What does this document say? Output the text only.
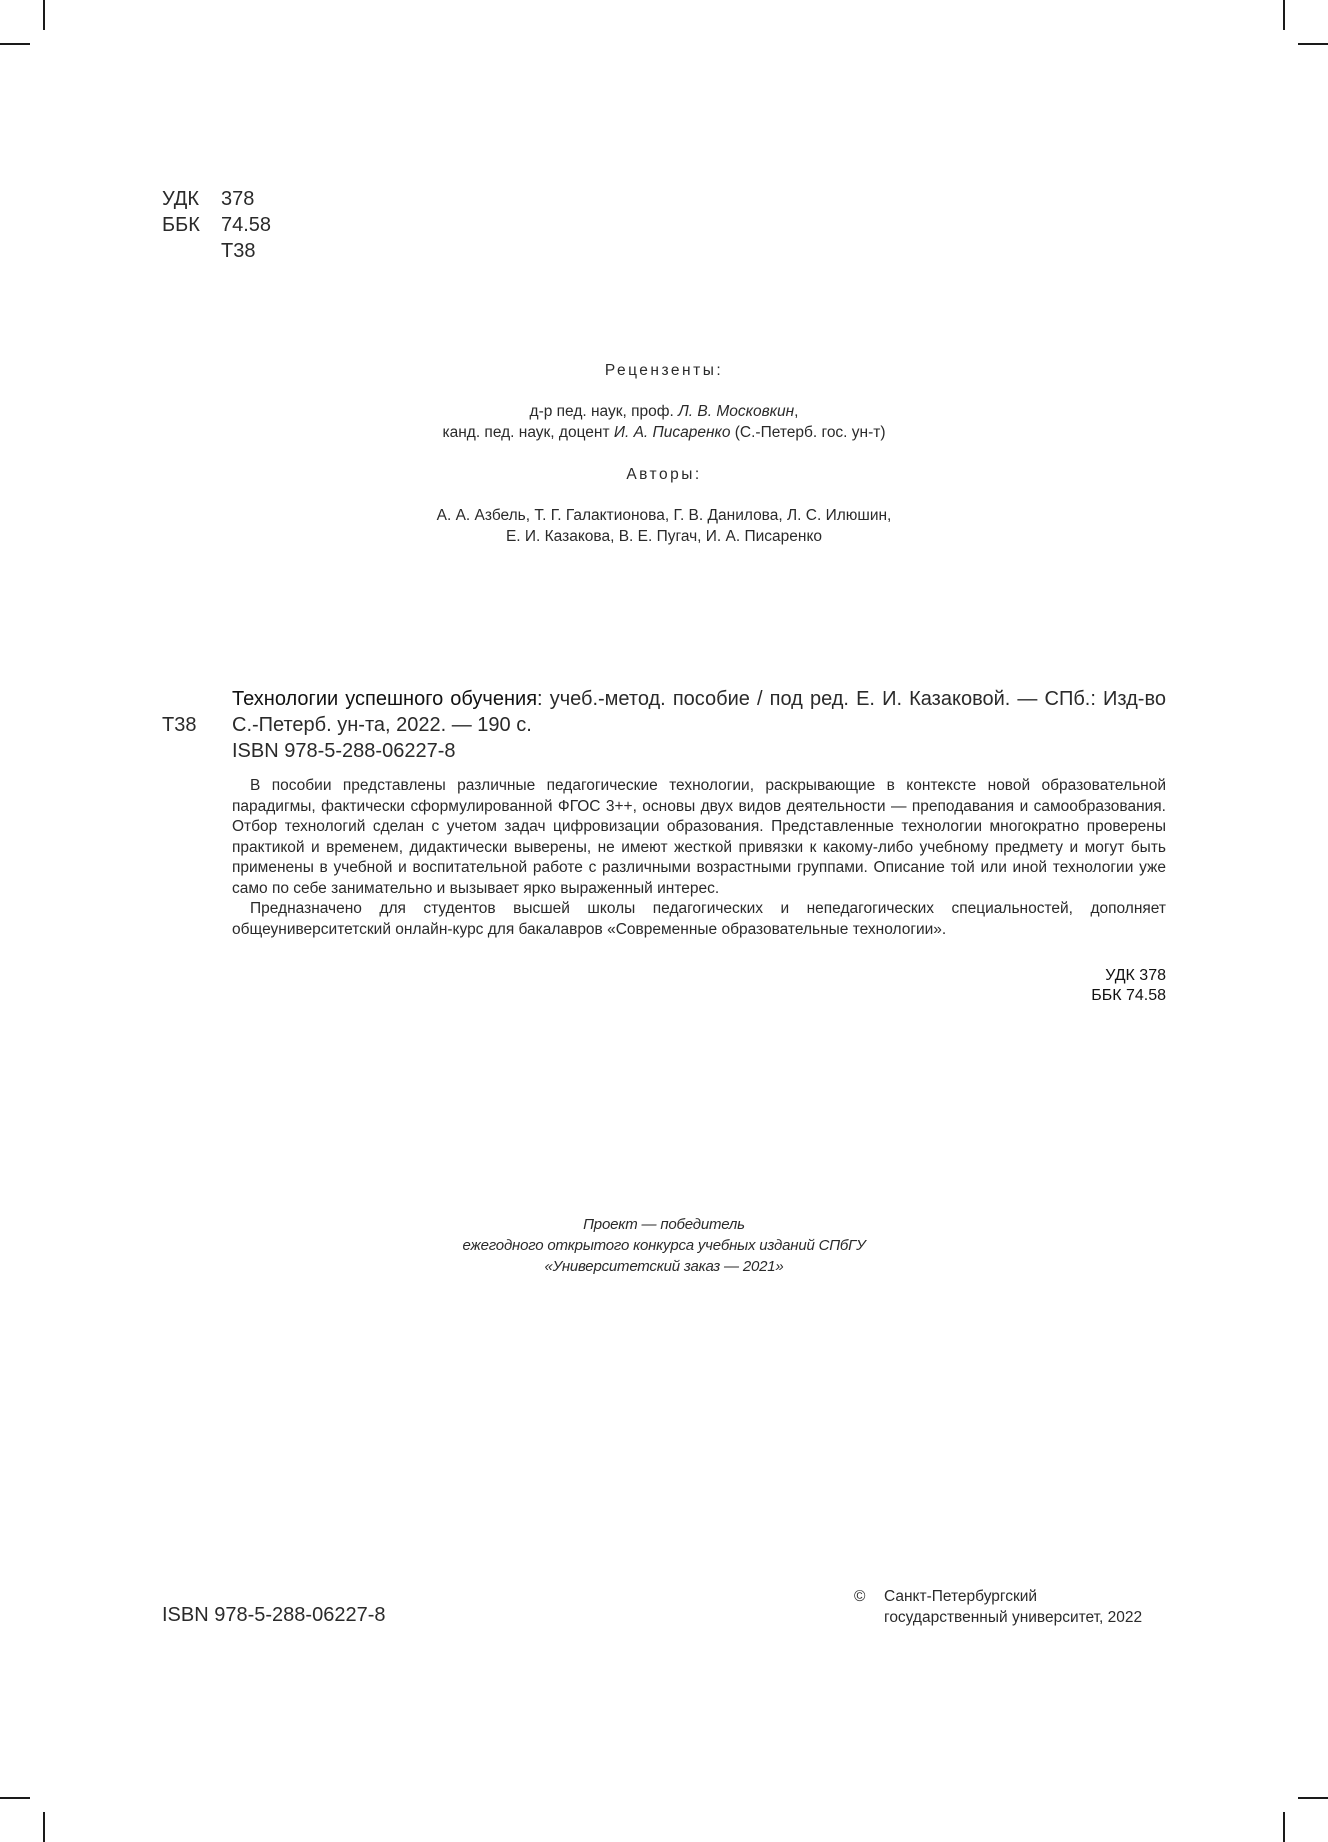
УДК	378
ББК	74.58
Т38
Рецензенты:
д-р пед. наук, проф. Л. В. Московкин,
канд. пед. наук, доцент И. А. Писаренко (С.-Петерб. гос. ун-т)
Авторы:
А. А. Азбель, Т. Г. Галактионова, Г. В. Данилова, Л. С. Илюшин,
Е. И. Казакова, В. Е. Пугач, И. А. Писаренко
Т38
Технологии успешного обучения: учеб.-метод. пособие / под ред. Е. И. Казаковой. — СПб.: Изд-во С.-Петерб. ун-та, 2022. — 190 с.
ISBN 978-5-288-06227-8

В пособии представлены различные педагогические технологии, раскрывающие в контексте новой образовательной парадигмы, фактически сформулированной ФГОС 3++, основы двух видов деятельности — преподавания и самообразования. Отбор технологий сделан с учетом задач цифровизации образования. Представленные технологии многократно проверены практикой и временем, дидактически выверены, не имеют жесткой привязки к какому-либо учебному предмету и могут быть применены в учебной и воспитательной работе с различными возрастными группами. Описание той или иной технологии уже само по себе занимательно и вызывает ярко выраженный интерес.

Предназначено для студентов высшей школы педагогических и непедагогических специальностей, дополняет общеуниверситетский онлайн-курс для бакалавров «Современные образовательные технологии».

УДК 378
ББК 74.58
Проект — победитель
ежегодного открытого конкурса учебных изданий СПбГУ
«Университетский заказ — 2021»
ISBN 978-5-288-06227-8
© Санкт-Петербургский
государственный университет, 2022
